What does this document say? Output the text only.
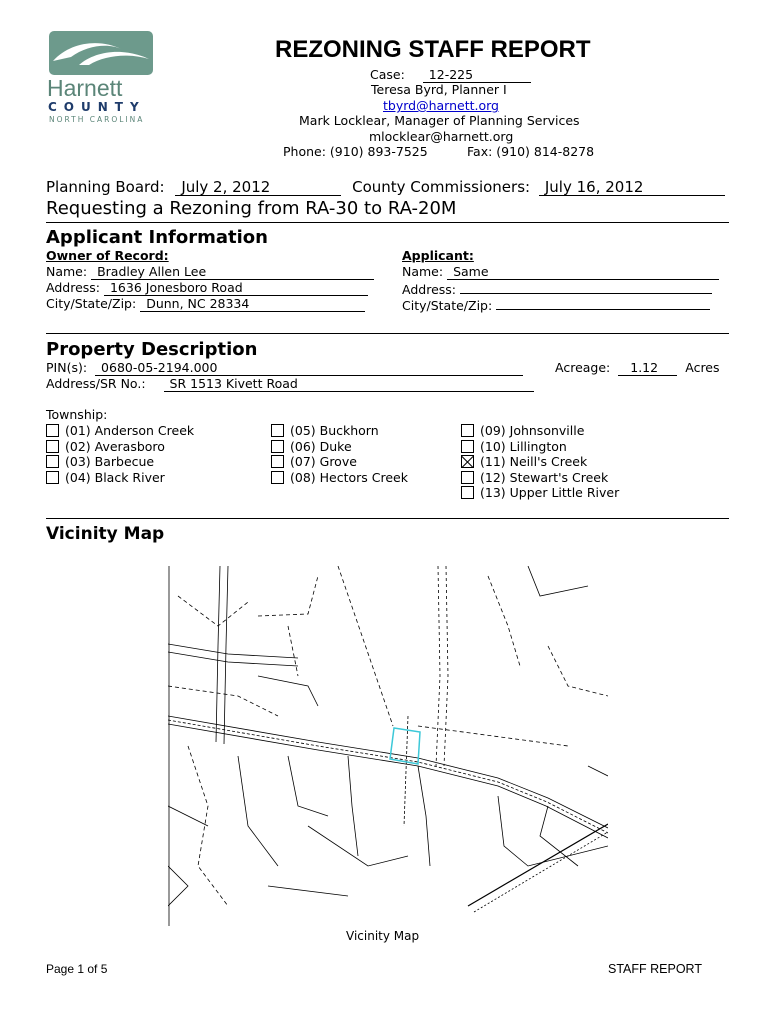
Harnett
COUNTY
NORTH CAROLINA
REZONING STAFF REPORT
Case: 12-225
Teresa Byrd, Planner I
tbyrd@harnett.org
Mark Locklear, Manager of Planning Services
mlocklear@harnett.org
Phone: (910) 893-7525	Fax: (910) 814-8278
Planning Board: July 2, 2012	County Commissioners: July 16, 2012
Requesting a Rezoning from RA-30 to RA-20M
Applicant Information
Owner of Record:	Applicant:
Name: Bradley Allen Lee
Address: 1636 Jonesboro Road
City/State/Zip: Dunn, NC 28334
Name: Same
Address:
City/State/Zip:
Property Description
PIN(s): 0680-05-2194.000	Acreage: 1.12 Acres
Address/SR No.: SR 1513 Kivett Road
Township:
(01) Anderson Creek
(02) Averasboro
(03) Barbecue
(04) Black River
(05) Buckhorn
(06) Duke
(07) Grove
(08) Hectors Creek
(09) Johnsonville
(10) Lillington
(11) Neill's Creek
(12) Stewart's Creek
(13) Upper Little River
Vicinity Map
Vicinity Map
Page 1 of 5	STAFF REPORT
